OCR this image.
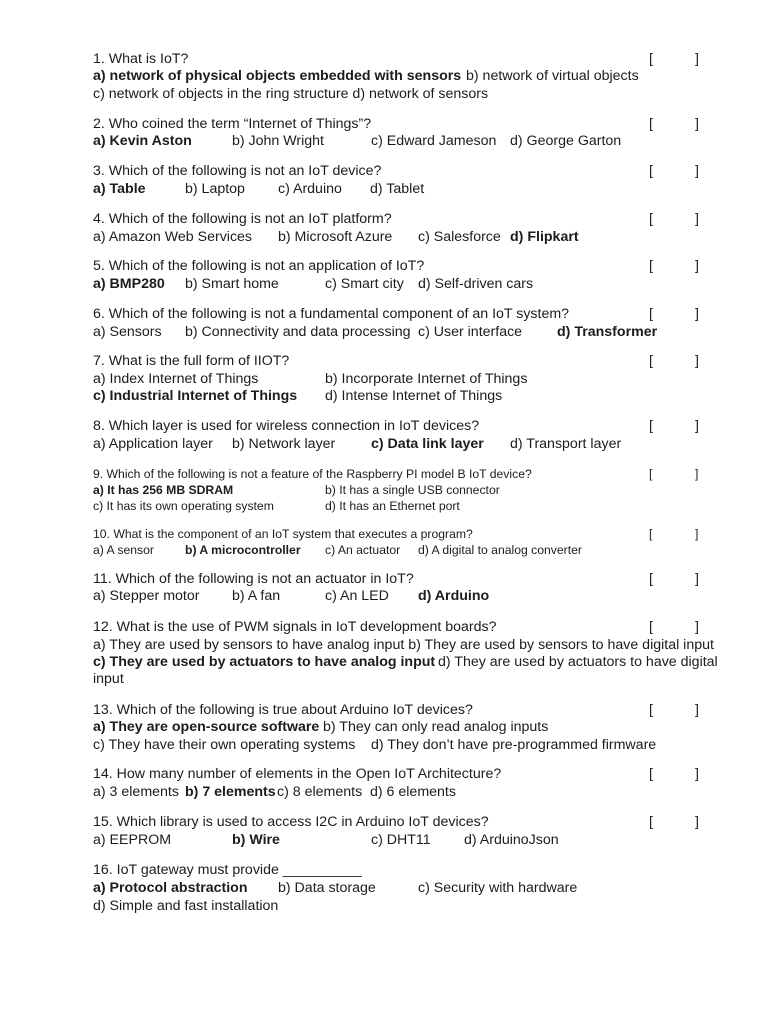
1. What is IoT?	[	]
a) network of physical objects embedded with sensors b) network of virtual objects
c) network of objects in the ring structure d) network of sensors
2. Who coined the term “Internet of Things”?	[	]
a) Kevin Aston	b) John Wright	c) Edward Jameson d) George Garton
3. Which of the following is not an IoT device?	[	]
a) Table	b) Laptop c) Arduino d) Tablet
4. Which of the following is not an IoT platform?	[	]
a) Amazon Web Services b) Microsoft Azure c) Salesforce d) Flipkart
5. Which of the following is not an application of IoT?	[	]
a) BMP280 b) Smart home	c) Smart city d) Self-driven cars
6. Which of the following is not a fundamental component of an IoT system?	[	]
a) Sensors b) Connectivity and data processing c) User interface d) Transformer
7. What is the full form of IIOT?	[	]
a) Index Internet of Things	b) Incorporate Internet of Things
c) Industrial Internet of Things d) Intense Internet of Things
8. Which layer is used for wireless connection in IoT devices?	[	]
a) Application layer b) Network layer	c) Data link layer d) Transport layer
9. Which of the following is not a feature of the Raspberry PI model B IoT device?	[	]
a) It has 256 MB SDRAM	b) It has a single USB connector
c) It has its own operating system	d) It has an Ethernet port
10. What is the component of an IoT system that executes a program?	[	]
a) A sensor	b) A microcontroller c) An actuator d) A digital to analog converter
11. Which of the following is not an actuator in IoT?	[	]
a) Stepper motor b) A fan	c) An LED d) Arduino
12. What is the use of PWM signals in IoT development boards?	[	]
a) They are used by sensors to have analog input b) They are used by sensors to have digital input
c) They are used by actuators to have analog input d) They are used by actuators to have digital
input
13. Which of the following is true about Arduino IoT devices?	[	]
a) They are open-source software b) They can only read analog inputs
c) They have their own operating systems d) They don’t have pre-programmed firmware
14. How many number of elements in the Open IoT Architecture?	[	]
a) 3 elements b) 7 elements c) 8 elements d) 6 elements
15. Which library is used to access I2C in Arduino IoT devices?	[	]
a) EEPROM	b) Wire	c) DHT11 d) ArduinoJson
16. IoT gateway must provide __________
a) Protocol abstraction b) Data storage	c) Security with hardware
d) Simple and fast installation
